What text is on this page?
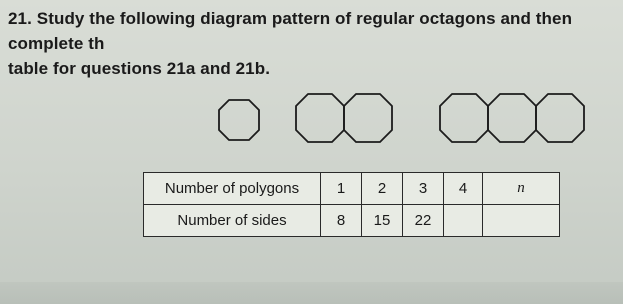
21. Study the following diagram pattern of regular octagons and then complete th
table for questions 21a and 21b.
Number of polygons	1	2	3	4	n
Number of sides	8	15	22		
